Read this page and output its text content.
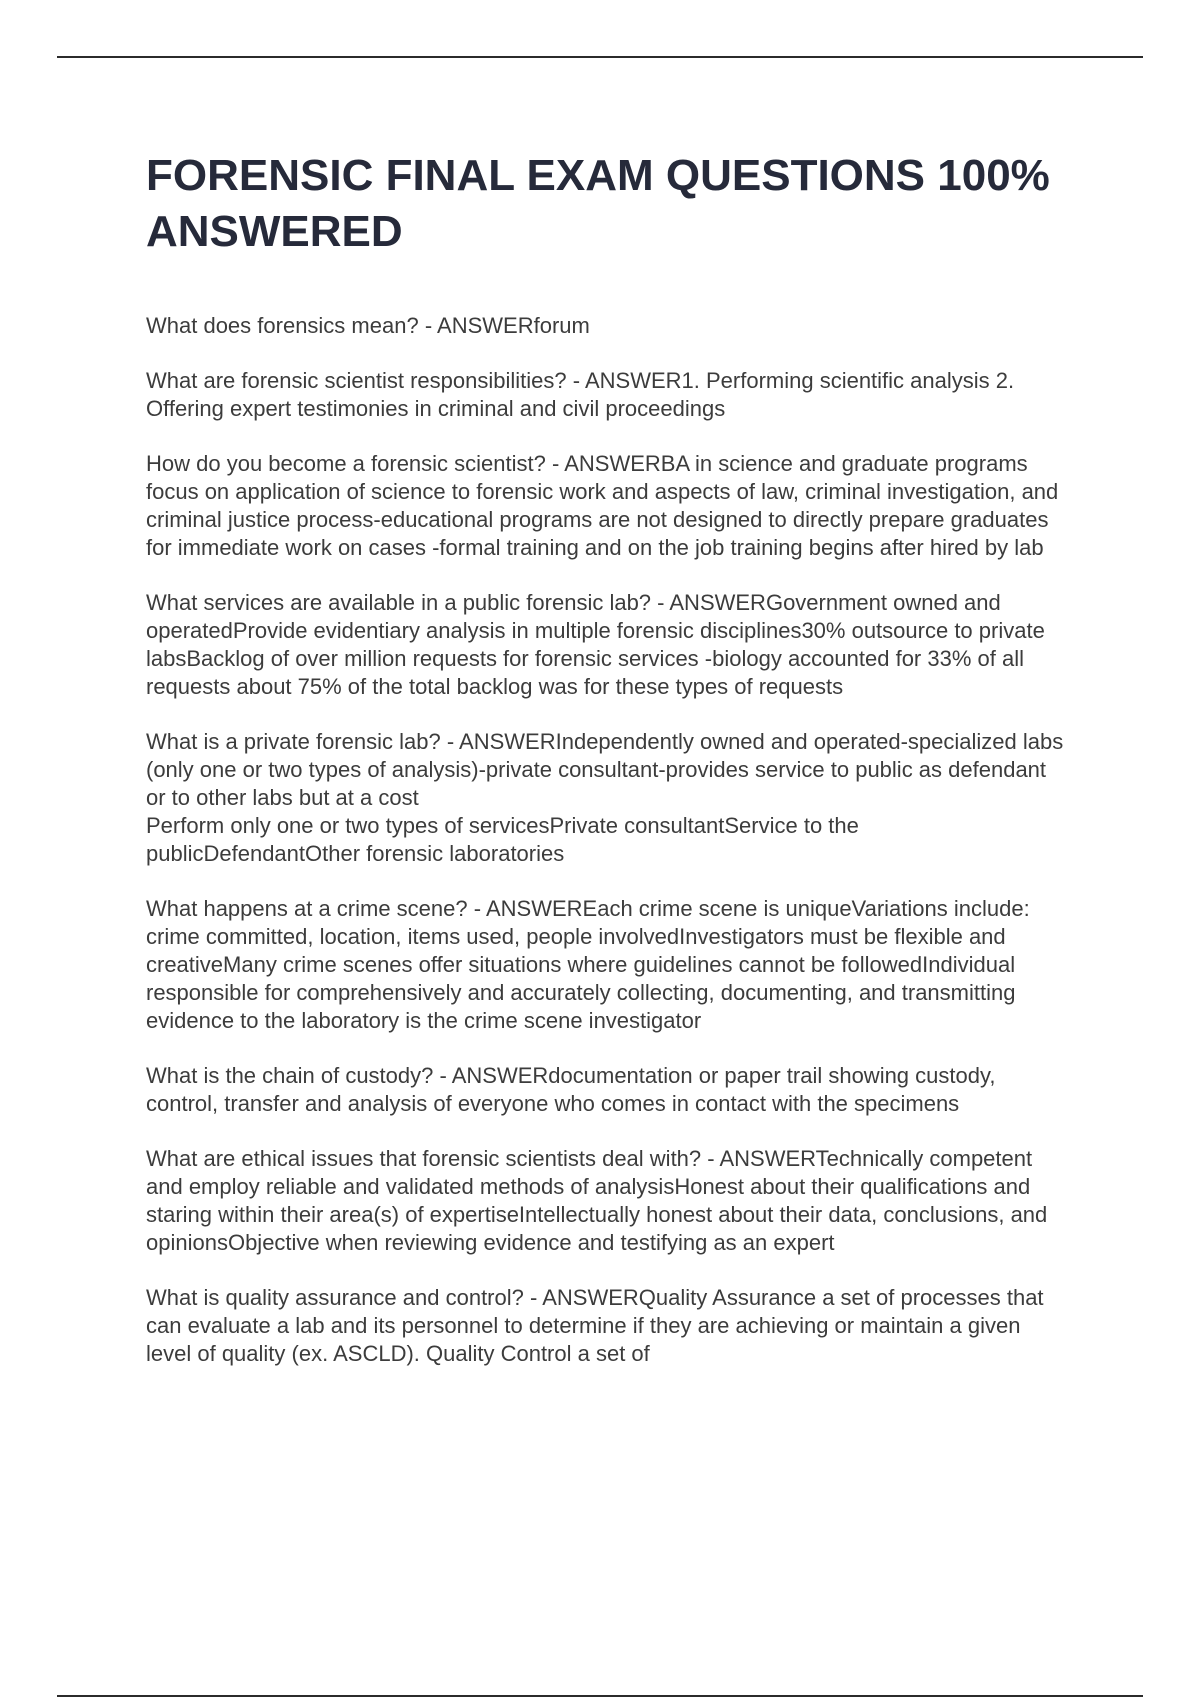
FORENSIC FINAL EXAM QUESTIONS 100% ANSWERED

What does forensics mean? - ANSWERforum

What are forensic scientist responsibilities? - ANSWER1. Performing scientific analysis 2. Offering expert testimonies in criminal and civil proceedings

How do you become a forensic scientist? - ANSWERBA in science and graduate programs focus on application of science to forensic work and aspects of law, criminal investigation, and criminal justice process-educational programs are not designed to directly prepare graduates for immediate work on cases -formal training and on the job training begins after hired by lab

What services are available in a public forensic lab? - ANSWERGovernment owned and operatedProvide evidentiary analysis in multiple forensic disciplines30% outsource to private labsBacklog of over million requests for forensic services -biology accounted for 33% of all requests about 75% of the total backlog was for these types of requests

What is a private forensic lab? - ANSWERIndependently owned and operated-specialized labs (only one or two types of analysis)-private consultant-provides service to public as defendant or to other labs but at a cost

Perform only one or two types of servicesPrivate consultantService to the publicDefendantOther forensic laboratories

What happens at a crime scene? - ANSWEREach crime scene is uniqueVariations include: crime committed, location, items used, people involvedInvestigators must be flexible and creativeMany crime scenes offer situations where guidelines cannot be followedIndividual responsible for comprehensively and accurately collecting, documenting, and transmitting evidence to the laboratory is the crime scene investigator

What is the chain of custody? - ANSWERdocumentation or paper trail showing custody, control, transfer and analysis of everyone who comes in contact with the specimens

What are ethical issues that forensic scientists deal with? - ANSWERTechnically competent and employ reliable and validated methods of analysisHonest about their qualifications and staring within their area(s) of expertiseIntellectually honest about their data, conclusions, and opinionsObjective when reviewing evidence and testifying as an expert

What is quality assurance and control? - ANSWERQuality Assurance a set of processes that can evaluate a lab and its personnel to determine if they are achieving or maintain a given level of quality (ex. ASCLD). Quality Control a set of
